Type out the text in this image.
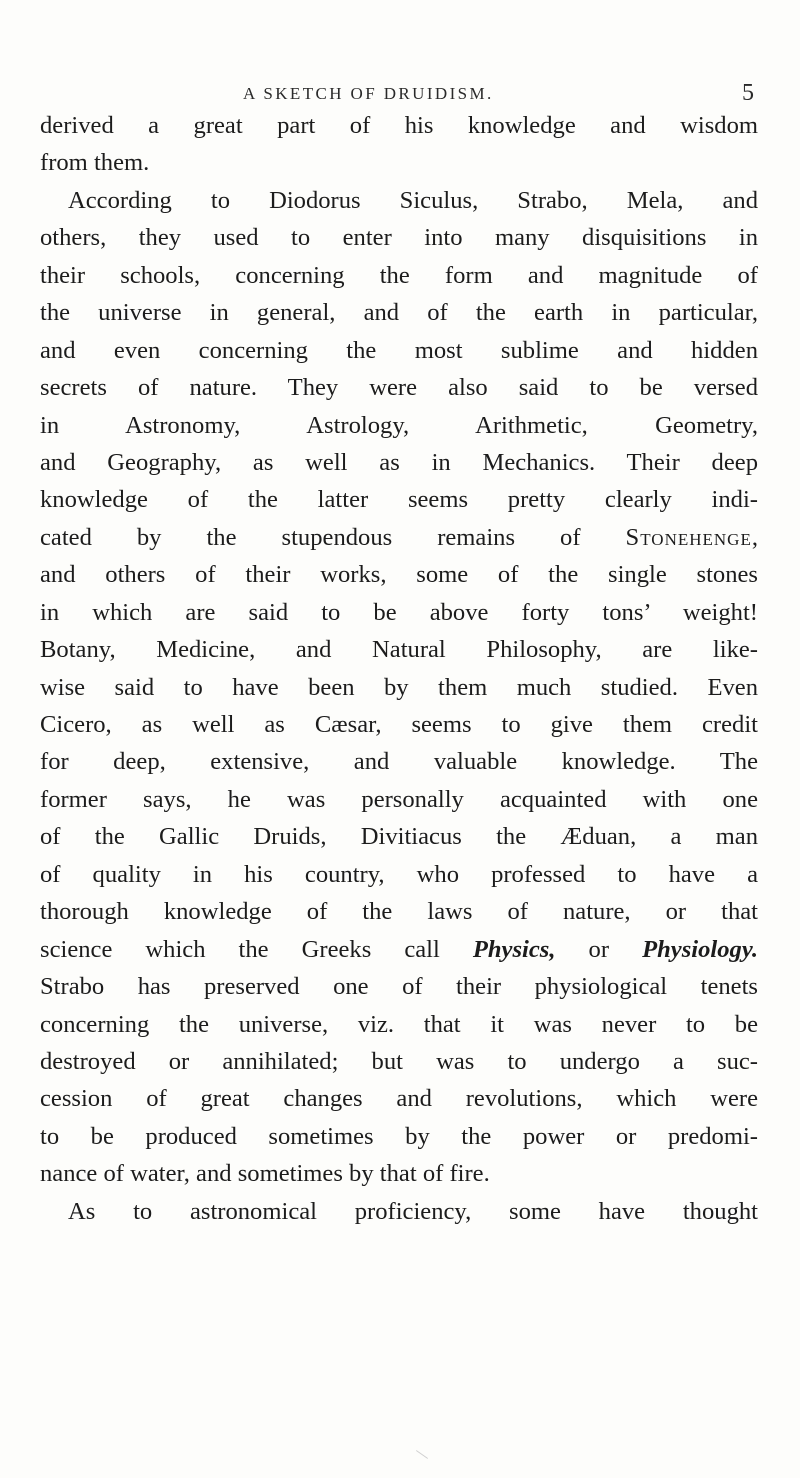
A SKETCH OF DRUIDISM.	5
derived a great part of his knowledge and wisdom
from them.
According to Diodorus Siculus, Strabo, Mela, and
others, they used to enter into many disquisitions in
their schools, concerning the form and magnitude of
the universe in general, and of the earth in particular,
and even concerning the most sublime and hidden
secrets of nature. They were also said to be versed
in Astronomy, Astrology, Arithmetic, Geometry,
and Geography, as well as in Mechanics. Their deep
knowledge of the latter seems pretty clearly indi-
cated by the stupendous remains of Stonehenge,
and others of their works, some of the single stones
in which are said to be above forty tons’ weight!
Botany, Medicine, and Natural Philosophy, are like-
wise said to have been by them much studied. Even
Cicero, as well as Cæsar, seems to give them credit
for deep, extensive, and valuable knowledge. The
former says, he was personally acquainted with one
of the Gallic Druids, Divitiacus the Æduan, a man
of quality in his country, who professed to have a
thorough knowledge of the laws of nature, or that
science which the Greeks call Physics, or Physiology.
Strabo has preserved one of their physiological tenets
concerning the universe, viz. that it was never to be
destroyed or annihilated; but was to undergo a suc-
cession of great changes and revolutions, which were
to be produced sometimes by the power or predomi-
nance of water, and sometimes by that of fire.
As to astronomical proficiency, some have thought
